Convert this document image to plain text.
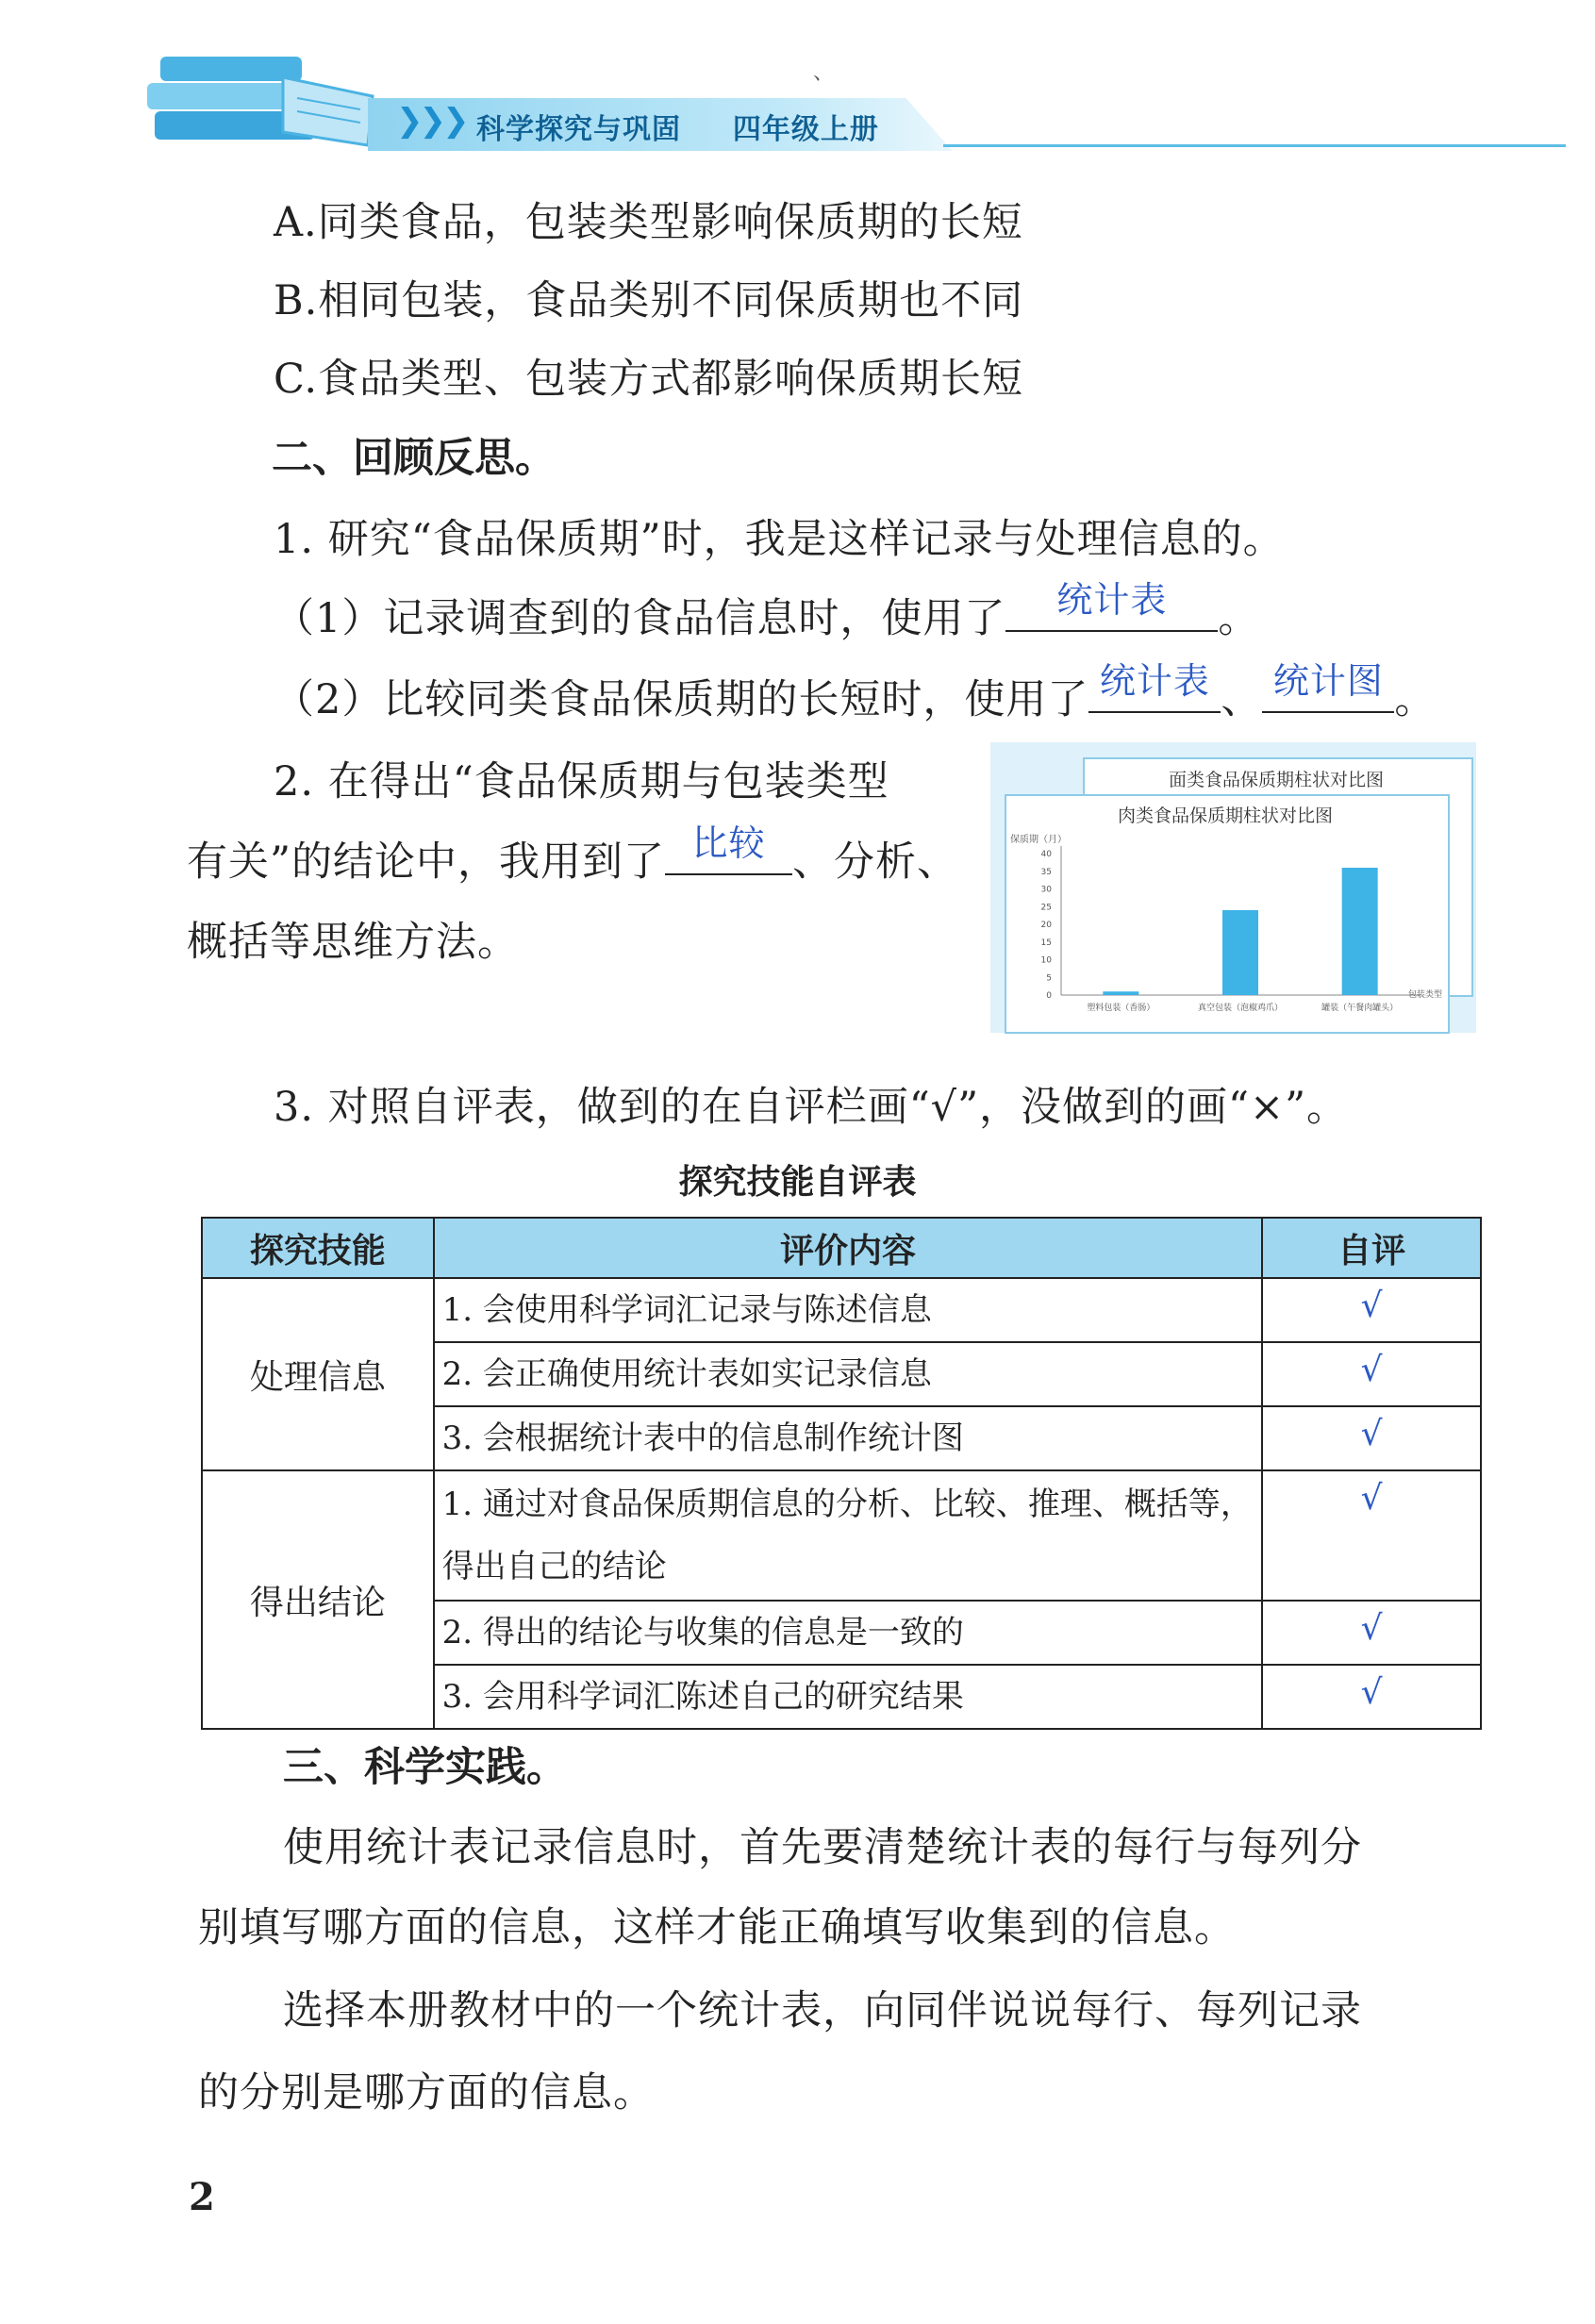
❯❯❯ 科学探究与巩固 四年级上册
、
A.同类食品，包装类型影响保质期的长短
B.相同包装，食品类别不同保质期也不同
C.食品类型、包装方式都影响保质期长短
二、回顾反思。
1. 研究“食品保质期”时，我是这样记录与处理信息的。
（1）记录调查到的食品信息时，使用了	统计表	。
（2）比较同类食品保质期的长短时，使用了 统计表 、 统计图 。
2. 在得出“食品保质期与包装类型
有关”的结论中，我用到了 比较 、分析、
概括等思维方法。
面类食品保质期柱状对比图
肉类食品保质期柱状对比图
保质期（月）
0
5
10
15
20
25
30
35
40
塑料包装（香肠）	真空包装（泡椒鸡爪）	罐装（午餐肉罐头）
包装类型
3. 对照自评表，做到的在自评栏画“√”，没做到的画“×”。
探究技能自评表
探究技能	评价内容	自评
处理信息	1. 会使用科学词汇记录与陈述信息	√
	2. 会正确使用统计表如实记录信息	√
	3. 会根据统计表中的信息制作统计图	√
得出结论	1. 通过对食品保质期信息的分析、比较、推理、概括等，
得出自己的结论	√
	2. 得出的结论与收集的信息是一致的	√
	3. 会用科学词汇陈述自己的研究结果	√
三、科学实践。
使用统计表记录信息时，首先要清楚统计表的每行与每列分
别填写哪方面的信息，这样才能正确填写收集到的信息。
选择本册教材中的一个统计表，向同伴说说每行、每列记录
的分别是哪方面的信息。
2
